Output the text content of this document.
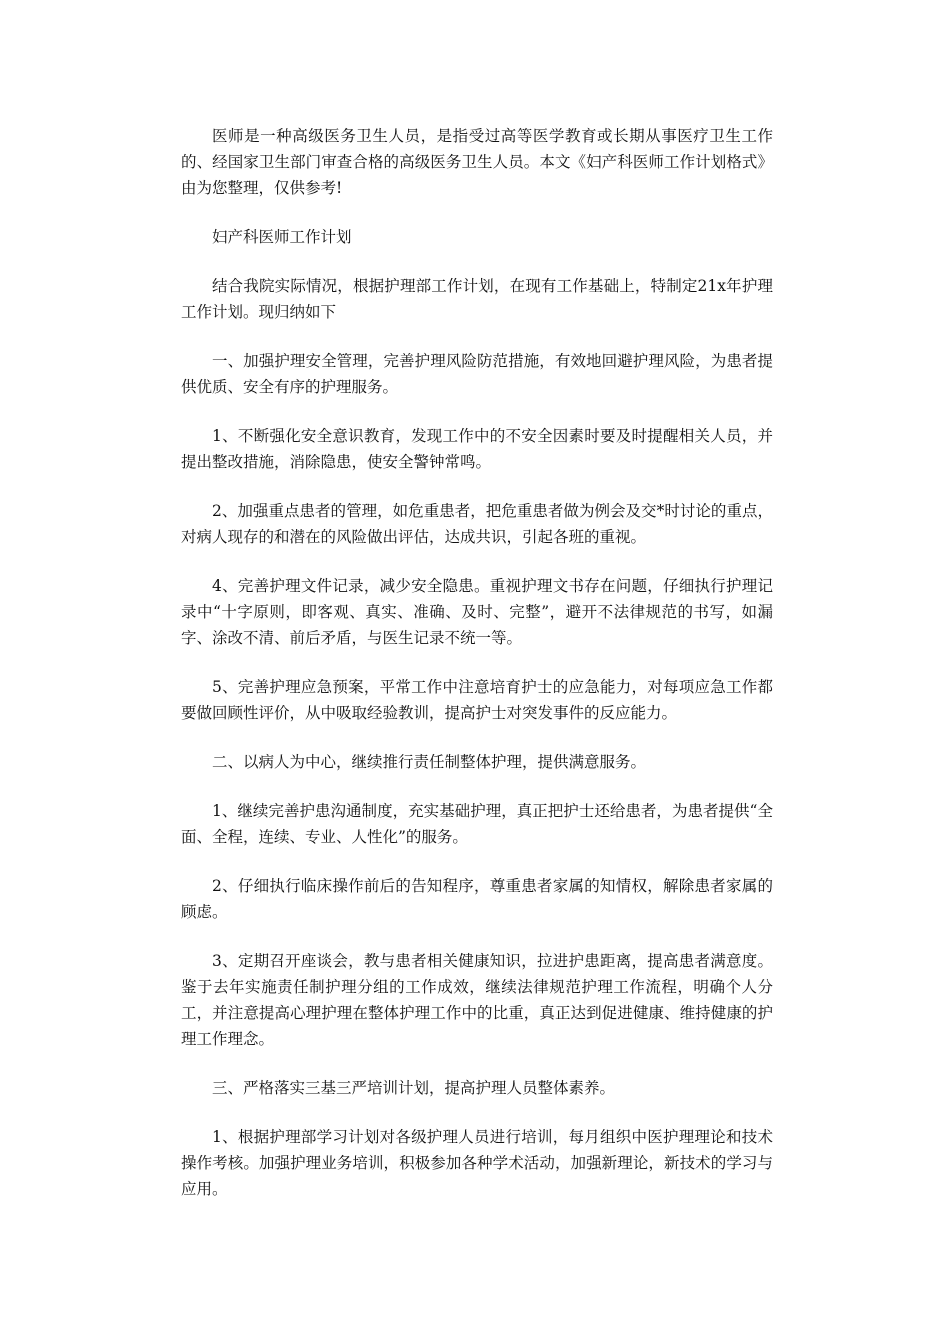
医师是一种高级医务卫生人员，是指受过高等医学教育或长期从事医疗卫生工作的、经国家卫生部门审查合格的高级医务卫生人员。本文《妇产科医师工作计划格式》由为您整理，仅供参考!

妇产科医师工作计划

结合我院实际情况，根据护理部工作计划，在现有工作基础上，特制定21x年护理工作计划。现归纳如下

一、加强护理安全管理，完善护理风险防范措施，有效地回避护理风险，为患者提供优质、安全有序的护理服务。

1、不断强化安全意识教育，发现工作中的不安全因素时要及时提醒相关人员，并提出整改措施，消除隐患，使安全警钟常鸣。

2、加强重点患者的管理，如危重患者，把危重患者做为例会及交*时讨论的重点，对病人现存的和潜在的风险做出评估，达成共识，引起各班的重视。

4、完善护理文件记录，减少安全隐患。重视护理文书存在问题，仔细执行护理记录中“十字原则，即客观、真实、准确、及时、完整”，避开不法律规范的书写，如漏字、涂改不清、前后矛盾，与医生记录不统一等。

5、完善护理应急预案，平常工作中注意培育护士的应急能力，对每项应急工作都要做回顾性评价，从中吸取经验教训，提高护士对突发事件的反应能力。

二、以病人为中心，继续推行责任制整体护理，提供满意服务。

1、继续完善护患沟通制度，充实基础护理，真正把护士还给患者，为患者提供“全面、全程，连续、专业、人性化”的服务。

2、仔细执行临床操作前后的告知程序，尊重患者家属的知情权，解除患者家属的顾虑。

3、定期召开座谈会，教与患者相关健康知识，拉进护患距离，提高患者满意度。鉴于去年实施责任制护理分组的工作成效，继续法律规范护理工作流程，明确个人分工，并注意提高心理护理在整体护理工作中的比重，真正达到促进健康、维持健康的护理工作理念。

三、严格落实三基三严培训计划，提高护理人员整体素养。

1、根据护理部学习计划对各级护理人员进行培训，每月组织中医护理理论和技术操作考核。加强护理业务培训，积极参加各种学术活动，加强新理论，新技术的学习与应用。
